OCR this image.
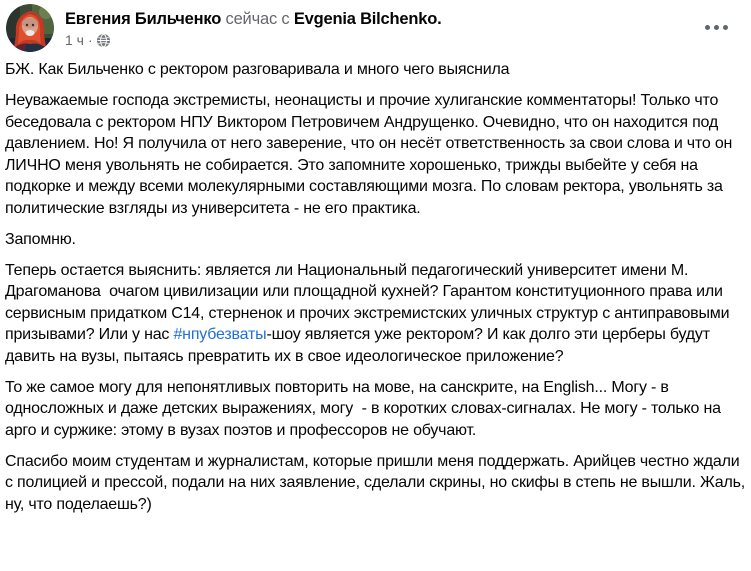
Евгения Бильченко сейчас с Evgenia Bilchenko.
1 ч ·

БЖ. Как Бильченко с ректором разговаривала и много чего выяснила

Неуважаемые господа экстремисты, неонацисты и прочие хулиганские комментаторы! Только что беседовала с ректором НПУ Виктором Петровичем Андрущенко. Очевидно, что он находится под давлением. Но! Я получила от него заверение, что он несёт ответственность за свои слова и что он ЛИЧНО меня увольнять не собирается. Это запомните хорошенько, трижды выбейте у себя на подкорке и между всеми молекулярными составляющими мозга. По словам ректора, увольнять за политические взгляды из университета - не его практика.

Запомню.

Теперь остается выяснить: является ли Национальный педагогический университет имени М. Драгоманова  очагом цивилизации или площадной кухней? Гарантом конституционного права или сервисным придатком С14, стерненок и прочих экстремистских уличных структур с антиправовыми призывами? Или у нас #нпубезваты-шоу является уже ректором? И как долго эти церберы будут давить на вузы, пытаясь превратить их в свое идеологическое приложение?

То же самое могу для непонятливых повторить на мове, на санскрите, на English... Могу - в односложных и даже детских выражениях, могу  - в коротких словах-сигналах. Не могу - только на арго и суржике: этому в вузах поэтов и профессоров не обучают.

Спасибо моим студентам и журналистам, которые пришли меня поддержать. Арийцев честно ждали с полицией и прессой, подали на них заявление, сделали скрины, но скифы в степь не вышли. Жаль, ну, что поделаешь?)
